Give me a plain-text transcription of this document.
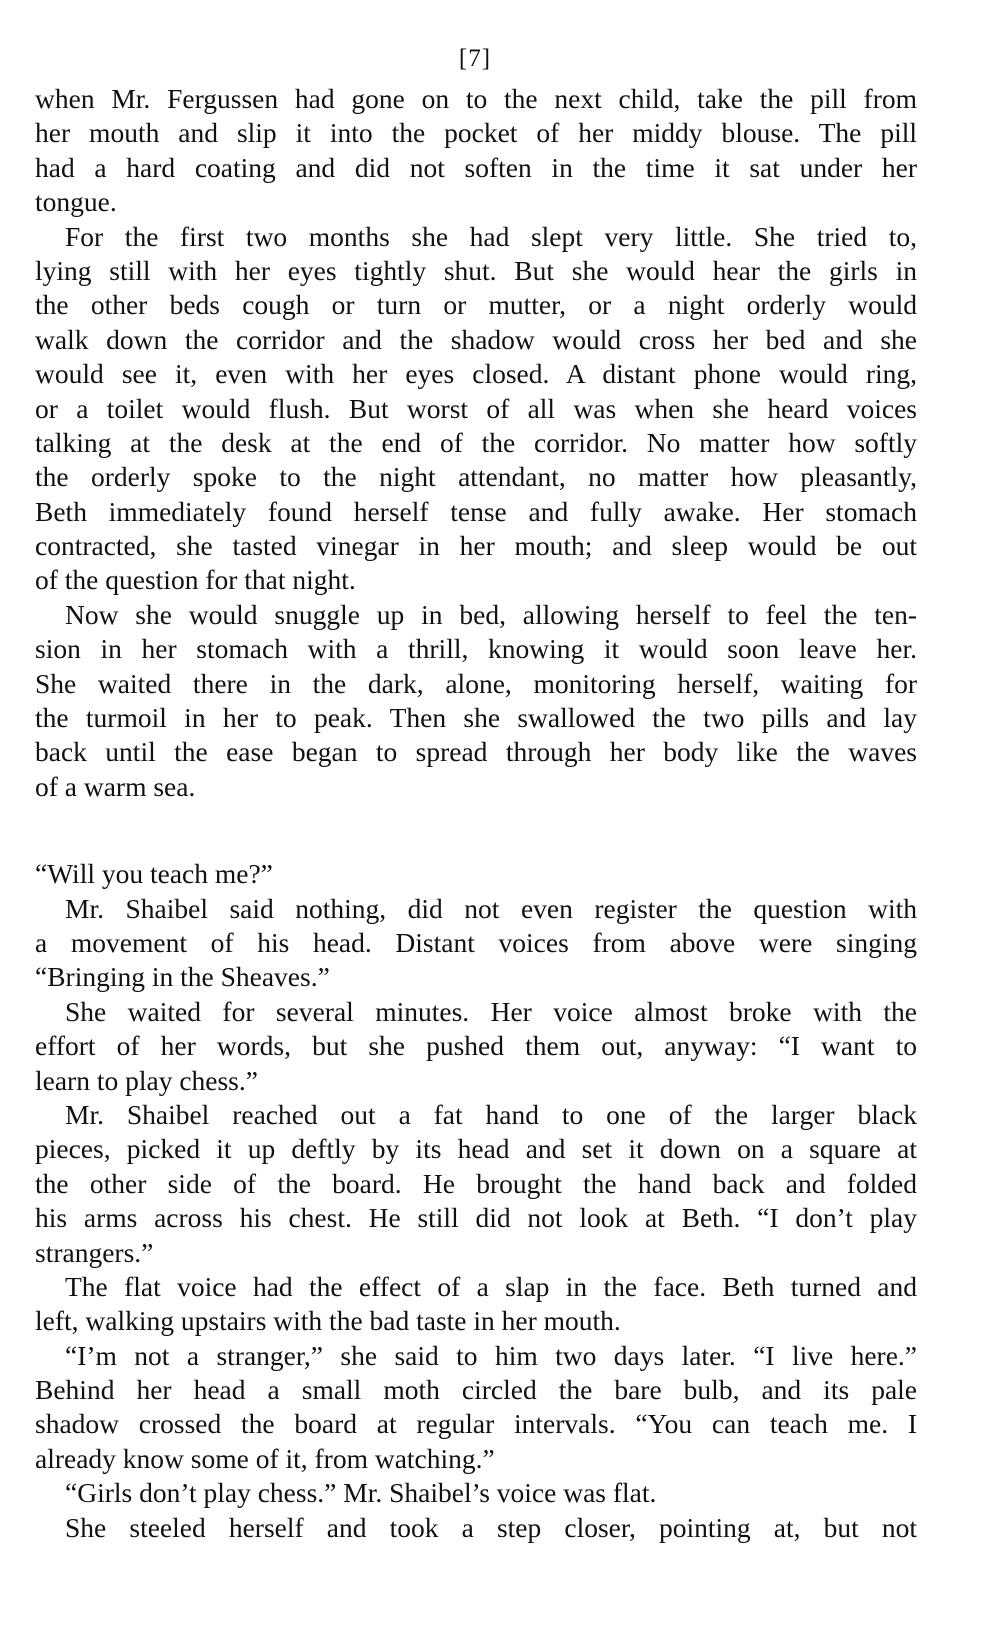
[7]
when Mr. Fergussen had gone on to the next child, take the pill from
her mouth and slip it into the pocket of her middy blouse. The pill
had a hard coating and did not soften in the time it sat under her
tongue.
For the first two months she had slept very little. She tried to,
lying still with her eyes tightly shut. But she would hear the girls in
the other beds cough or turn or mutter, or a night orderly would
walk down the corridor and the shadow would cross her bed and she
would see it, even with her eyes closed. A distant phone would ring,
or a toilet would flush. But worst of all was when she heard voices
talking at the desk at the end of the corridor. No matter how softly
the orderly spoke to the night attendant, no matter how pleasantly,
Beth immediately found herself tense and fully awake. Her stomach
contracted, she tasted vinegar in her mouth; and sleep would be out
of the question for that night.
Now she would snuggle up in bed, allowing herself to feel the ten-
sion in her stomach with a thrill, knowing it would soon leave her.
She waited there in the dark, alone, monitoring herself, waiting for
the turmoil in her to peak. Then she swallowed the two pills and lay
back until the ease began to spread through her body like the waves
of a warm sea.
“Will you teach me?”
Mr. Shaibel said nothing, did not even register the question with
a movement of his head. Distant voices from above were singing
“Bringing in the Sheaves.”
She waited for several minutes. Her voice almost broke with the
effort of her words, but she pushed them out, anyway: “I want to
learn to play chess.”
Mr. Shaibel reached out a fat hand to one of the larger black
pieces, picked it up deftly by its head and set it down on a square at
the other side of the board. He brought the hand back and folded
his arms across his chest. He still did not look at Beth. “I don’t play
strangers.”
The flat voice had the effect of a slap in the face. Beth turned and
left, walking upstairs with the bad taste in her mouth.
“I’m not a stranger,” she said to him two days later. “I live here.”
Behind her head a small moth circled the bare bulb, and its pale
shadow crossed the board at regular intervals. “You can teach me. I
already know some of it, from watching.”
“Girls don’t play chess.” Mr. Shaibel’s voice was flat.
She steeled herself and took a step closer, pointing at, but not
